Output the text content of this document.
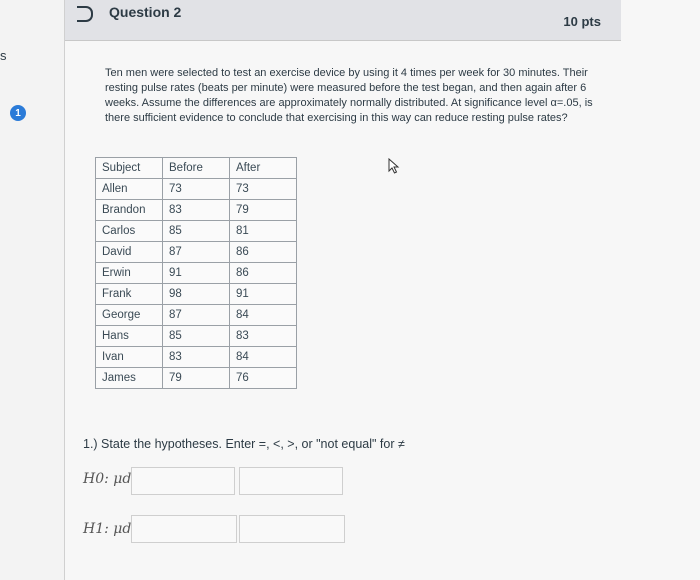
s
1
Question 2
10 pts
Ten men were selected to test an exercise device by using it 4 times per week for 30 minutes. Their resting pulse rates (beats per minute) were measured before the test began, and then again after 6 weeks. Assume the differences are approximately normally distributed. At significance level α=.05, is there sufficient evidence to conclude that exercising in this way can reduce resting pulse rates?
Subject	Before	After
Allen	73	73
Brandon	83	79
Carlos	85	81
David	87	86
Erwin	91	86
Frank	98	91
George	87	84
Hans	85	83
Ivan	83	84
James	79	76
1.) State the hypotheses. Enter =, <, >, or "not equal" for ≠
H0: μd
H1: μd
